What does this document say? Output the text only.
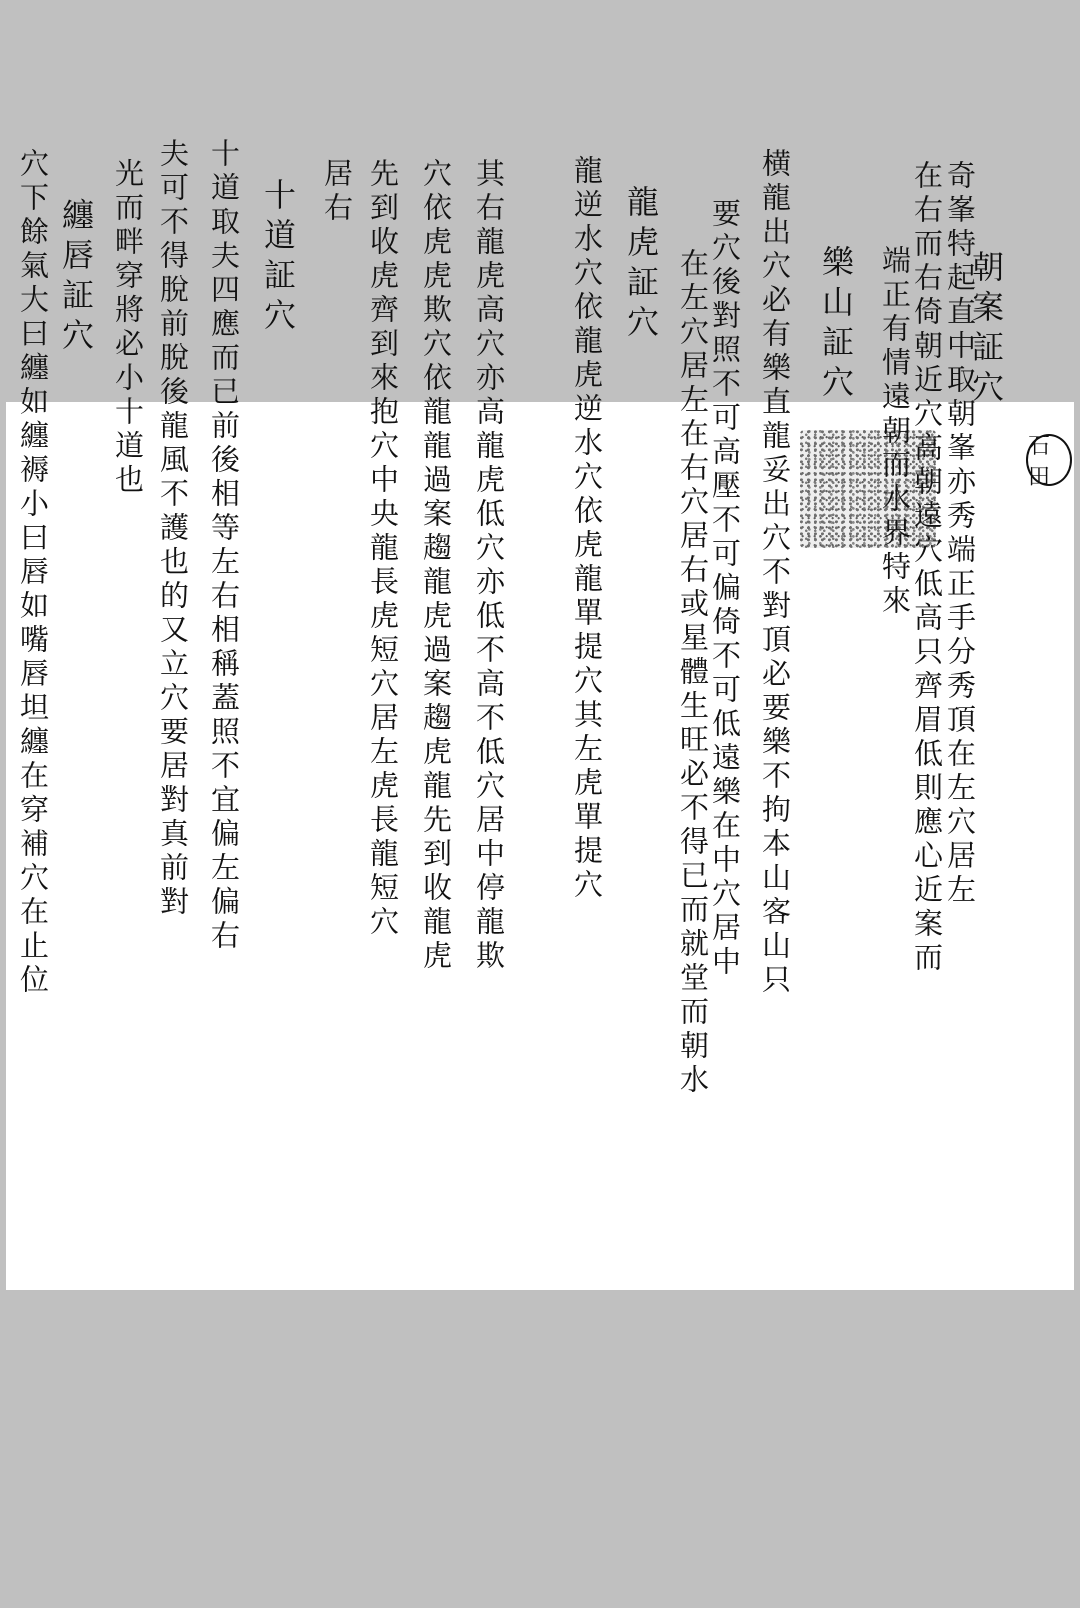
石田
朝案証穴
奇峯特起直中取朝峯亦秀端正手分秀頂在左穴居左
在右而右倚朝近穴高朝遠穴低高只齊眉低則應心近案而
端正有情遠朝而水界特來
樂山証穴
横龍出穴必有樂直龍妥出穴不對頂必要樂不拘本山客山只
要穴後對照不可高壓不可偏倚不可低遠樂在中穴居中
在左穴居左在右穴居右或星體生旺必不得已而就堂而朝水
龍虎証穴
龍逆水穴依龍虎逆水穴依虎龍單提穴其左虎單提穴
其右龍虎高穴亦高龍虎低穴亦低不高不低穴居中停龍欺
穴依虎虎欺穴依龍龍過案趨龍虎過案趨虎龍先到收龍虎
先到收虎齊到來抱穴中央龍長虎短穴居左虎長龍短穴
居右
十道証穴
十道取夫四應而已前後相等左右相稱蓋照不宜偏左偏右
夫可不得脫前脫後龍風不護也的又立穴要居對真前對
光而畔穿將必小十道也
纏唇証穴
穴下餘氣大曰纏如纏褥小曰唇如嘴唇坦纏在穿補穴在止位
